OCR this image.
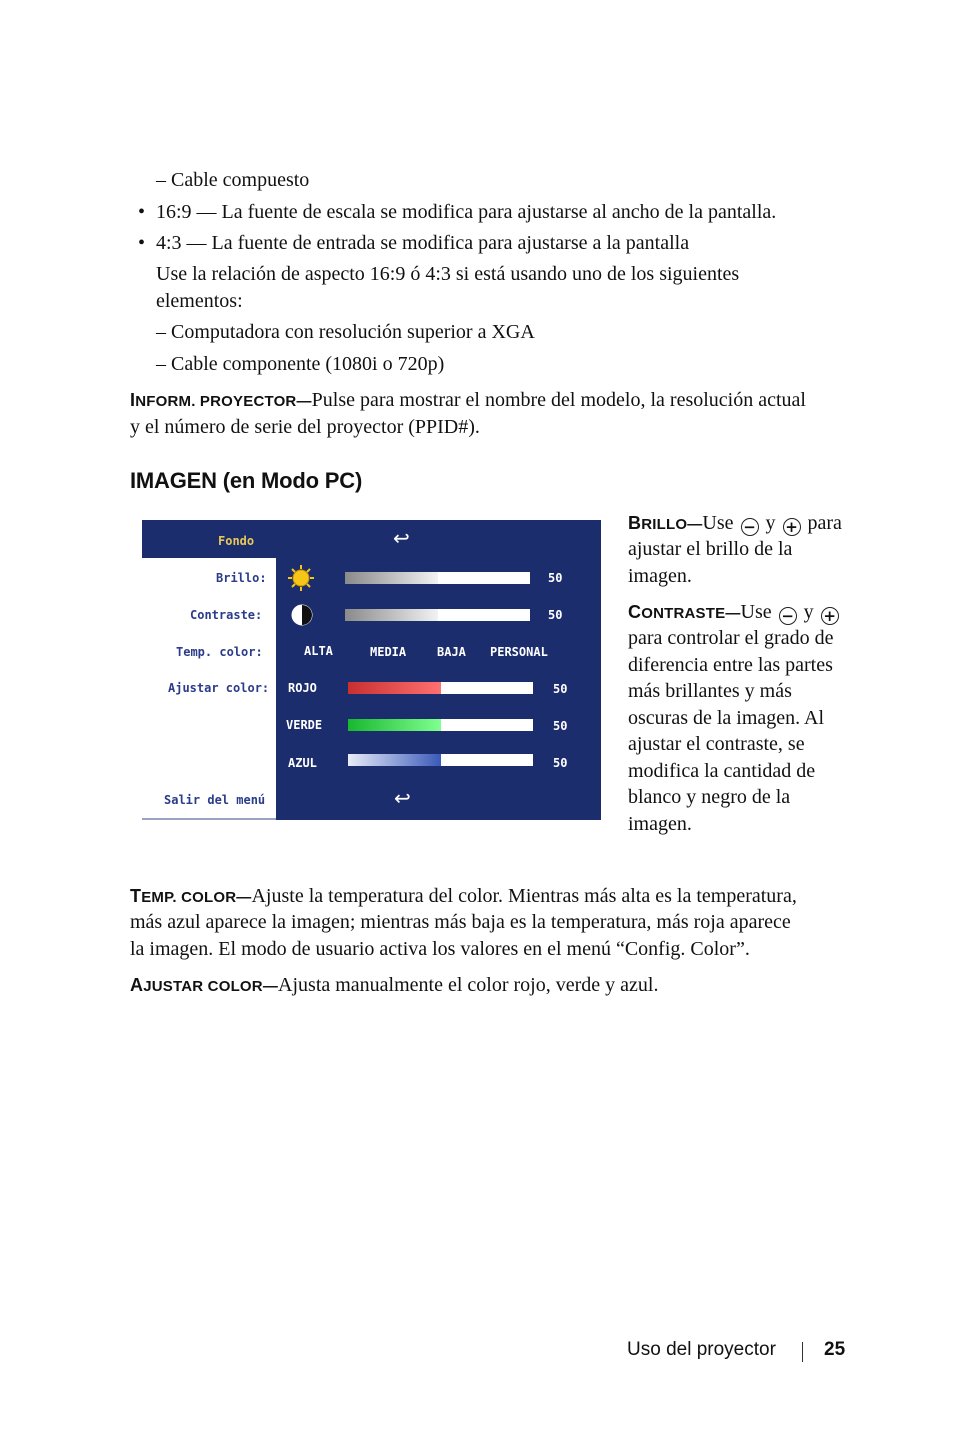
– Cable compuesto
• 16:9 — La fuente de escala se modifica para ajustarse al ancho de la pantalla.
• 4:3 — La fuente de entrada se modifica para ajustarse a la pantalla
Use la relación de aspecto 16:9 ó 4:3 si está usando uno de los siguientes
elementos:
– Computadora con resolución superior a XGA
– Cable componente (1080i o 720p)
INFORM. PROYECTOR—Pulse para mostrar el nombre del modelo, la resolución actual
y el número de serie del proyector (PPID#).
IMAGEN (en Modo PC)
Fondo	↩
Brillo:	50
Contraste:	50
Temp. color:	ALTA	MEDIA	BAJA PERSONAL
Ajustar color: ROJO	50
VERDE	50
AZUL	50
Salir del menú	↩
BRILLO—Use − y + para
ajustar el brillo de la
imagen.
CONTRASTE—Use − y +
para controlar el grado de
diferencia entre las partes
más brillantes y más
oscuras de la imagen. Al
ajustar el contraste, se
modifica la cantidad de
blanco y negro de la
imagen.
TEMP. COLOR—Ajuste la temperatura del color. Mientras más alta es la temperatura,
más azul aparece la imagen; mientras más baja es la temperatura, más roja aparece
la imagen. El modo de usuario activa los valores en el menú “Config. Color”.
AJUSTAR COLOR—Ajusta manualmente el color rojo, verde y azul.
Uso del proyector	25
